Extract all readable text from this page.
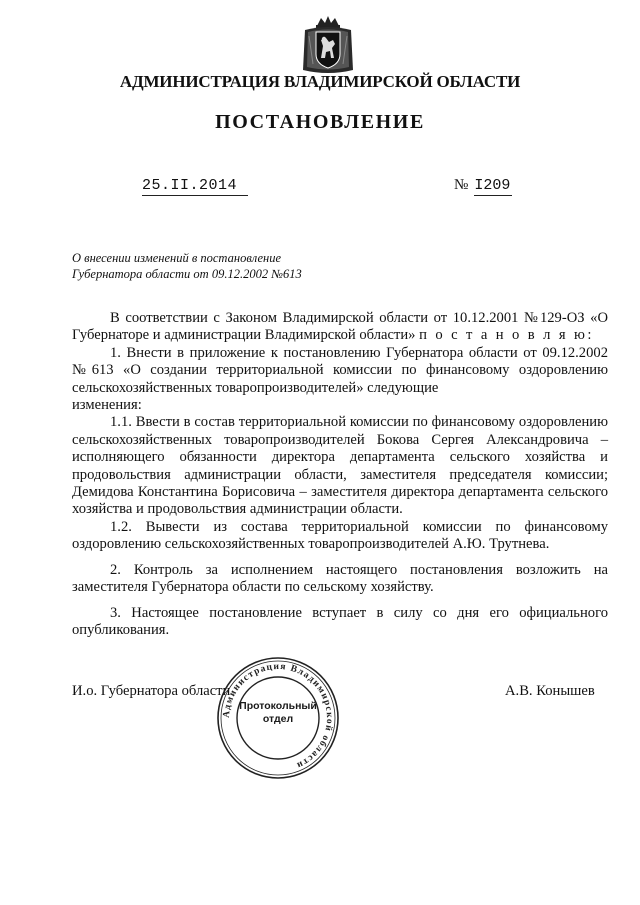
АДМИНИСТРАЦИЯ ВЛАДИМИРСКОЙ ОБЛАСТИ
ПОСТАНОВЛЕНИЕ
25.II.2014	№ I209
О внесении изменений в постановление
Губернатора области от 09.12.2002 №613

В соответствии с Законом Владимирской области от 10.12.2001 №129-ОЗ «О Губернаторе и администрации Владимирской области» п о с т а н о в л я ю:

1. Внести в приложение к постановлению Губернатора области от 09.12.2002 №613 «О создании территориальной комиссии по финансовому оздоровлению сельскохозяйственных товаропроизводителей» следующие

изменения:

1.1. Ввести в состав территориальной комиссии по финансовому оздоровлению сельскохозяйственных товаропроизводителей Бокова Сергея Александровича – исполняющего обязанности директора департамента сельского хозяйства и продовольствия администрации области, заместителя председателя комиссии; Демидова Константина Борисовича – заместителя директора департамента сельского хозяйства и продовольствия администрации области.

1.2. Вывести из состава территориальной комиссии по финансовому оздоровлению сельскохозяйственных товаропроизводителей А.Ю. Трутнева.

2. Контроль за исполнением настоящего постановления возложить на заместителя Губернатора области по сельскому хозяйству.

3. Настоящее постановление вступает в силу со дня его официального опубликования.

И.о. Губернатора области	А.В. Конышев
Администрация Владимирской области
Протокольный
отдел
